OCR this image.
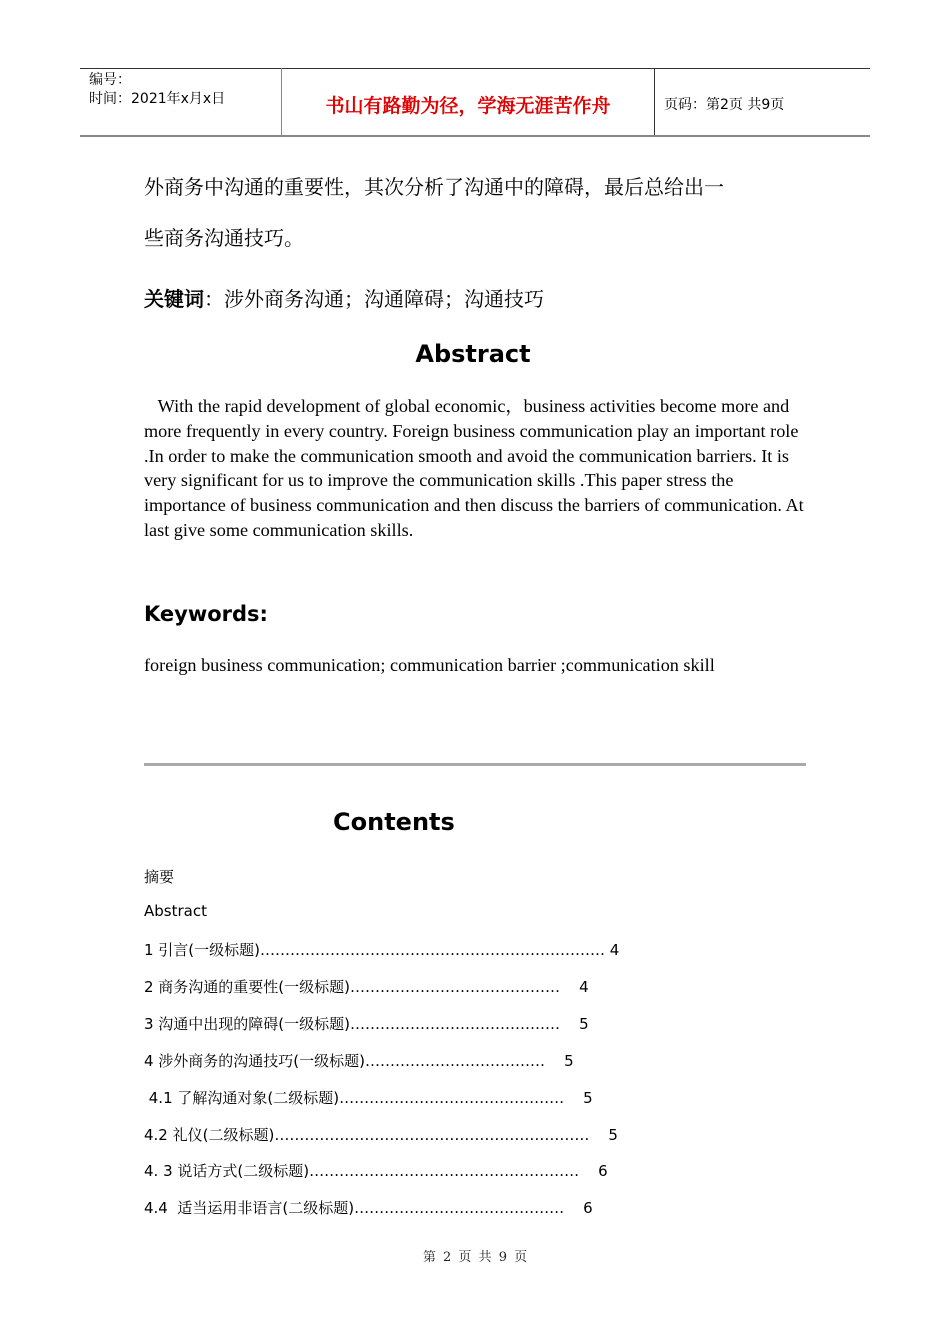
编号：
时间：2021年x月x日	书山有路勤为径，学海无涯苦作舟	页码：第2页 共9页
外商务中沟通的重要性，其次分析了沟通中的障碍，最后总给出一
些商务沟通技巧。
关键词：涉外商务沟通；沟通障碍；沟通技巧
Abstract
With the rapid development of global economic，business activities become more and more frequently in every country. Foreign business communication play an important role .In order to make the communication smooth and avoid the communication barriers. It is very significant for us to improve the communication skills .This paper stress the importance of business communication and then discuss the barriers of communication. At last give some communication skills.
Keywords:
foreign business communication; communication barrier ;communication skill
Contents
摘要
Abstract
1 引言(一级标题)…………………………………………………………… 4
2 商务沟通的重要性(一级标题)……………………………………    4
3 沟通中出现的障碍(一级标题)……………………………………    5
4 涉外商务的沟通技巧(一级标题)………………………………    5
4.1 了解沟通对象(二级标题)………………………………………    5
4.2 礼仪(二级标题)………………………………………………………    5
4. 3 说话方式(二级标题)………………………………………………    6
4.4  适当运用非语言(二级标题)……………………………………    6
第 2 页 共 9 页
